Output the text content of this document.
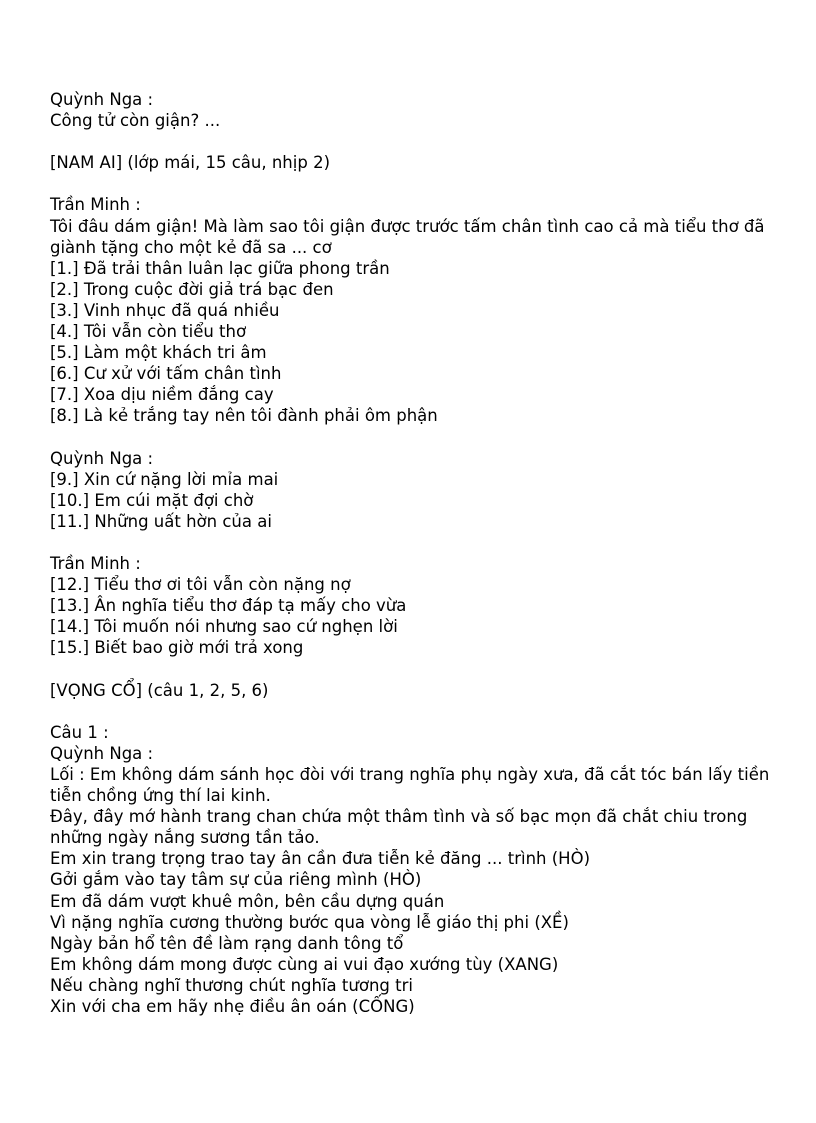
Quỳnh Nga :
Công tử còn giận? ...
[NAM AI] (lớp mái, 15 câu, nhịp 2)
Trần Minh :
Tôi đâu dám giận! Mà làm sao tôi giận được trước tấm chân tình cao cả mà tiểu thơ đã giành tặng cho một kẻ đã sa ... cơ
[1.] Đã trải thân luân lạc giữa phong trần
[2.] Trong cuộc đời giả trá bạc đen
[3.] Vinh nhục đã quá nhiều
[4.] Tôi vẫn còn tiểu thơ
[5.] Làm một khách tri âm
[6.] Cư xử với tấm chân tình
[7.] Xoa dịu niềm đắng cay
[8.] Là kẻ trắng tay nên tôi đành phải ôm phận
Quỳnh Nga :
[9.] Xin cứ nặng lời mỉa mai
[10.] Em cúi mặt đợi chờ
[11.] Những uất hờn của ai
Trần Minh :
[12.] Tiểu thơ ơi tôi vẫn còn nặng nợ
[13.] Ân nghĩa tiểu thơ đáp tạ mấy cho vừa
[14.] Tôi muốn nói nhưng sao cứ nghẹn lời
[15.] Biết bao giờ mới trả xong
[VỌNG CỔ] (câu 1, 2, 5, 6)
Câu 1 :
Quỳnh Nga :
Lối : Em không dám sánh học đòi với trang nghĩa phụ ngày xưa, đã cắt tóc bán lấy tiền tiễn chồng ứng thí lai kinh.
Đây, đây mớ hành trang chan chứa một thâm tình và số bạc mọn đã chắt chiu trong những ngày nắng sương tần tảo.
Em xin trang trọng trao tay ân cần đưa tiễn kẻ đăng ... trình (HÒ)
Gởi gắm vào tay tâm sự của riêng mình (HÒ)
Em đã dám vượt khuê môn, bên cầu dựng quán
Vì nặng nghĩa cương thường bước qua vòng lễ giáo thị phi (XỀ)
Ngày bản hổ tên đề làm rạng danh tông tổ
Em không dám mong được cùng ai vui đạo xướng tùy (XANG)
Nếu chàng nghĩ thương chút nghĩa tương tri
Xin với cha em hãy nhẹ điều ân oán (CỐNG)
